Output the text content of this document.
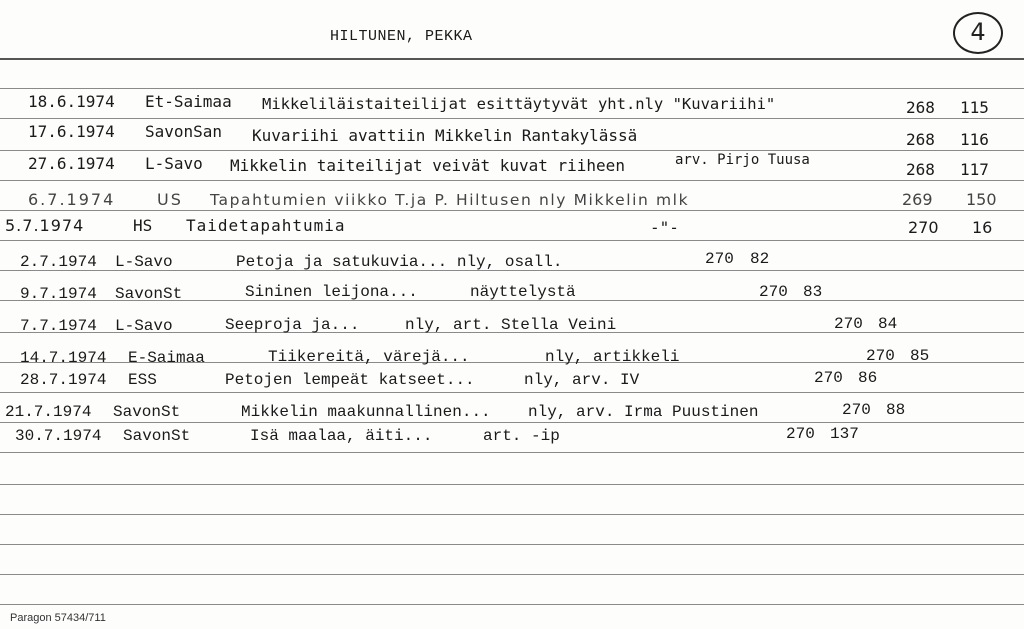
HILTUNEN, PEKKA	4
18.6.1974 Et-Saimaa Mikkeliläistaiteilijat esittäytyvät yht.nly "Kuvariihi"	268 115
17.6.1974 SavonSan Kuvariihi avattiin Mikkelin Rantakylässä	268 116
27.6.1974 L-Savo Mikkelin taiteilijat veivät kuvat riiheen	arv. Pirjo Tuusa	268 117
6.7.1974	US Tapahtumien viikko T.ja P. Hiltusen nly Mikkelin mlk	269 150
5.7.1974	HS Taidetapahtumia	-"-	270 16
2.7.1974 L-Savo	Petoja ja satukuvia... nly, osall.	270 82
9.7.1974 SavonSt	Sininen leijona...	näyttelystä	270 83
7.7.1974 L-Savo	Seeproja ja...	nly, art. Stella Veini	270 84
14.7.1974 E-Saimaa	Tiikereitä, värejä...	nly, artikkeli	270 85
28.7.1974 ESS	Petojen lempeät katseet...	nly, arv. IV	270 86
21.7.1974 SavonSt	Mikkelin maakunnallinen... nly, arv. Irma Puustinen	270 88
30.7.1974 SavonSt	Isä maalaa, äiti...	art. -ip	270 137
Paragon 57434/711
